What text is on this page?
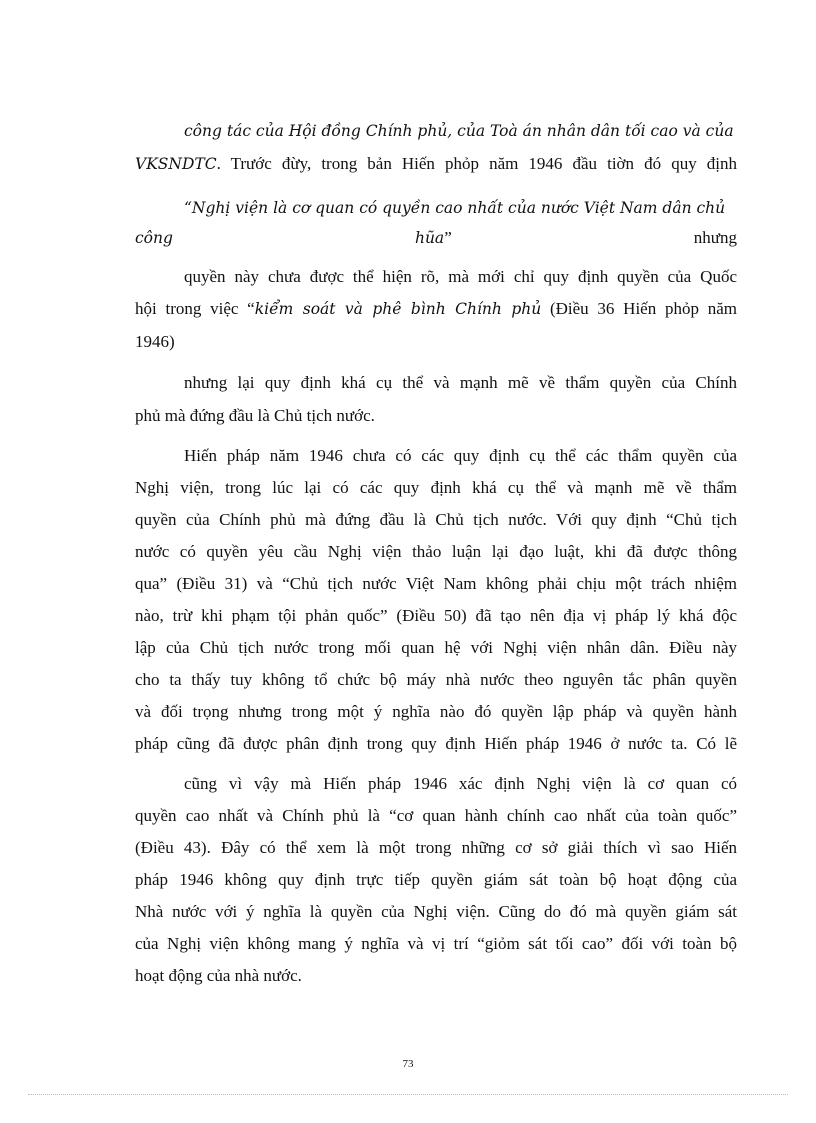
công tác của Hội đồng Chính phủ, của Toà án nhân dân tối cao và của
VKSNDTC. Trước đừy, trong bản Hiến phỏp năm 1946 đầu tiờn đó quy định
“Nghị viện là cơ quan có quyền cao nhất của nước Việt Nam dân chủ
công	hũa”	nhưng
quyền này chưa được thể hiện rõ, mà mới chỉ quy định quyền của Quốc
hội trong việc “kiểm soát và phê bình Chính phủ (Điều 36 Hiến phỏp năm
1946)
nhưng lại quy định khá cụ thể và mạnh mẽ về thẩm quyền của Chính
phủ mà đứng đầu là Chủ tịch nước.
Hiến pháp năm 1946 chưa có các quy định cụ thể các thẩm quyền của
Nghị viện, trong lúc lại có các quy định khá cụ thể và mạnh mẽ về thẩm
quyền của Chính phủ mà đứng đầu là Chủ tịch nước. Với quy định “Chủ tịch
nước có quyền yêu cầu Nghị viện thảo luận lại đạo luật, khi đã được thông
qua” (Điều 31) và “Chủ tịch nước Việt Nam không phải chịu một trách nhiệm
nào, trừ khi phạm tội phản quốc” (Điều 50) đã tạo nên địa vị pháp lý khá độc
lập của Chủ tịch nước trong mối quan hệ với Nghị viện nhân dân. Điều này
cho ta thấy tuy không tổ chức bộ máy nhà nước theo nguyên tắc phân quyền
và đối trọng nhưng trong một ý nghĩa nào đó quyền lập pháp và quyền hành
pháp cũng đã được phân định trong quy định Hiến pháp 1946 ở nước ta. Có lẽ
cũng vì vậy mà Hiến pháp 1946 xác định Nghị viện là cơ quan có
quyền cao nhất và Chính phủ là “cơ quan hành chính cao nhất của toàn quốc”
(Điều 43). Đây có thể xem là một trong những cơ sở giải thích vì sao Hiến
pháp 1946 không quy định trực tiếp quyền giám sát toàn bộ hoạt động của
Nhà nước với ý nghĩa là quyền của Nghị viện. Cũng do đó mà quyền giám sát
của Nghị viện không mang ý nghĩa và vị trí “giỏm sát tối cao” đối với toàn bộ
hoạt động của nhà nước.
73
